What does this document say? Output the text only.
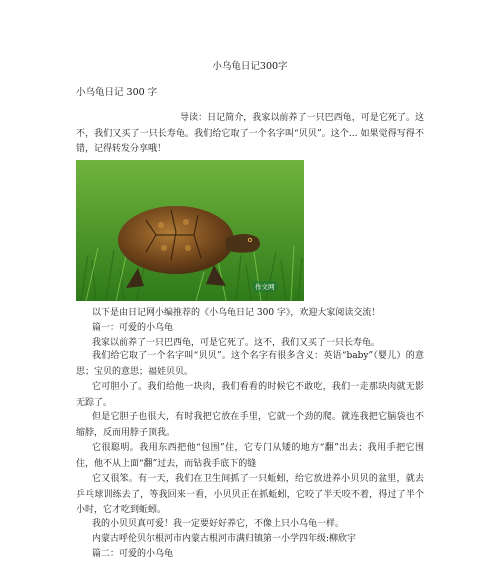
小乌龟日记300字
小乌龟日记 300 字

导读：日记简介，我家以前养了一只巴西龟，可是它死了。这不，我们又买了一只长寿龟。我们给它取了一个名字叫“贝贝”。这个... 如果觉得写得不错，记得转发分享哦！

作文网
以下是由日记网小编推荐的《小乌龟日记 300 字》，欢迎大家阅读交流！
篇一：可爱的小乌龟
我家以前养了一只巴西龟，可是它死了。这不，我们又买了一只长寿龟。

我们给它取了一个名字叫“贝贝”。这个名字有很多含义：英语“baby”（婴儿）的意思；宝贝的意思；福娃贝贝。

它可胆小了。我们给他一块肉，我们看看的时候它不敢吃，我们一走那块肉就无影无踪了。

但是它胆子也很大，有时我把它放在手里，它就一个劲的爬。就连我把它脑袋也不缩脖，反而用脖子顶我。

它很聪明。我用东西把他“包围”住，它专门从矮的地方“翻”出去；我用手把它围住，他不从上面“翻”过去，而钻我手底下的缝

它又很笨。有一天，我们在卫生间抓了一只蚯蚓，给它放进养小贝贝的盆里，就去乒乓球训练去了，等我回来一看，小贝贝正在抓蚯蚓，它咬了半天咬不着，得过了半个小时，它才吃到蚯蚓。

我的小贝贝真可爱！我一定要好好养它，不像上只小乌龟一样。
内蒙古呼伦贝尔根河市内蒙古根河市满归镇第一小学四年级:柳欣宇
篇二：可爱的小乌龟
